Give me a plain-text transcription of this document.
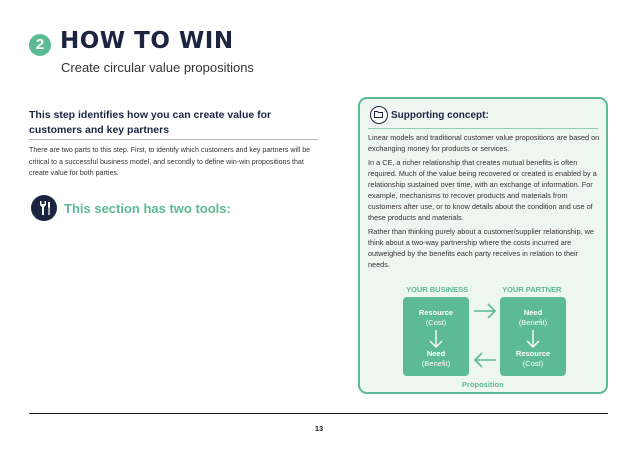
2 HOW TO WIN
Create circular value propositions
This step identifies how you can create value for customers and key partners
There are two parts to this step. First, to identify which customers and key partners will be critical to a successful business model, and secondly to define win-win propositions that create value for both parties.
This section has two tools:
Supporting concept:

Linear models and traditional customer value propositions are based on exchanging money for products or services.

In a CE, a richer relationship that creates mutual benefits is often required. Much of the value being recovered or created is enabled by a relationship sustained over time, with an exchange of information. For example, mechanisms to recover products and materials from customers after use, or to know details about the condition and use of these products and materials.

Rather than thinking purely about a customer/supplier relationship, we think about a two-way partnership where the costs incurred are outweighed by the benefits each party receives in relation to their needs.

YOUR BUSINESS	YOUR PARTNER
Resource
(Cost)
Need
(Benefit)
Need
(Benefit)
Resource
(Cost)
Proposition
13
